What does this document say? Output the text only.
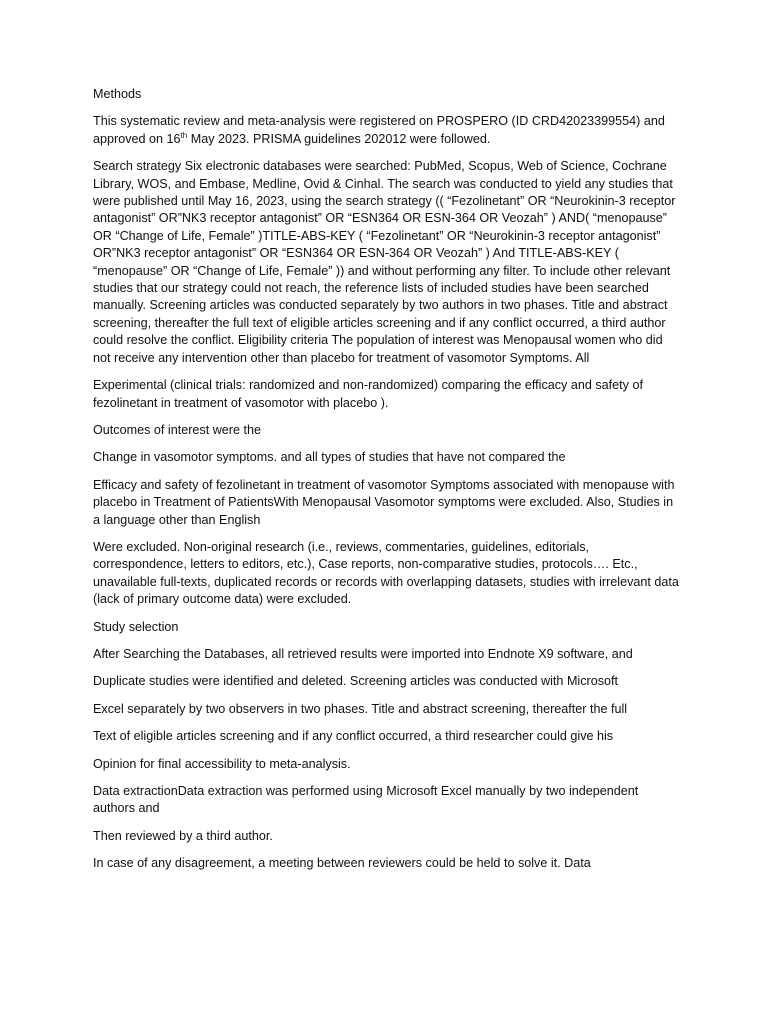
Methods

This systematic review and meta-analysis were registered on PROSPERO (ID CRD42023399554) and approved on 16th May 2023. PRISMA guidelines 202012 were followed.

Search strategy Six electronic databases were searched: PubMed, Scopus, Web of Science, Cochrane Library, WOS, and Embase, Medline, Ovid & Cinhal. The search was conducted to yield any studies that were published until May 16, 2023, using the search strategy (( “Fezolinetant” OR “Neurokinin-3 receptor antagonist” OR”NK3 receptor antagonist” OR “ESN364 OR ESN-364 OR Veozah” ) AND( “menopause” OR “Change of Life, Female” )TITLE-ABS-KEY ( “Fezolinetant” OR “Neurokinin-3 receptor antagonist” OR”NK3 receptor antagonist” OR “ESN364 OR ESN-364 OR Veozah” ) And TITLE-ABS-KEY ( “menopause” OR “Change of Life, Female” )) and without performing any filter. To include other relevant studies that our strategy could not reach, the reference lists of included studies have been searched manually. Screening articles was conducted separately by two authors in two phases. Title and abstract screening, thereafter the full text of eligible articles screening and if any conflict occurred, a third author could resolve the conflict. Eligibility criteria The population of interest was Menopausal women who did not receive any intervention other than placebo for treatment of vasomotor Symptoms. All

Experimental (clinical trials: randomized and non-randomized) comparing the efficacy and safety of fezolinetant in treatment of vasomotor with placebo ).

Outcomes of interest were the

Change in vasomotor symptoms. and all types of studies that have not compared the

Efficacy and safety of fezolinetant in treatment of vasomotor Symptoms associated with menopause with placebo in Treatment of PatientsWith Menopausal Vasomotor symptoms were excluded. Also, Studies in a language other than English

Were excluded. Non-original research (i.e., reviews, commentaries, guidelines, editorials, correspondence, letters to editors, etc.), Case reports, non-comparative studies, protocols…. Etc., unavailable full-texts, duplicated records or records with overlapping datasets, studies with irrelevant data (lack of primary outcome data) were excluded.

Study selection

After Searching the Databases, all retrieved results were imported into Endnote X9 software, and

Duplicate studies were identified and deleted. Screening articles was conducted with Microsoft

Excel separately by two observers in two phases. Title and abstract screening, thereafter the full

Text of eligible articles screening and if any conflict occurred, a third researcher could give his

Opinion for final accessibility to meta-analysis.

Data extractionData extraction was performed using Microsoft Excel manually by two independent authors and

Then reviewed by a third author.

In case of any disagreement, a meeting between reviewers could be held to solve it. Data
